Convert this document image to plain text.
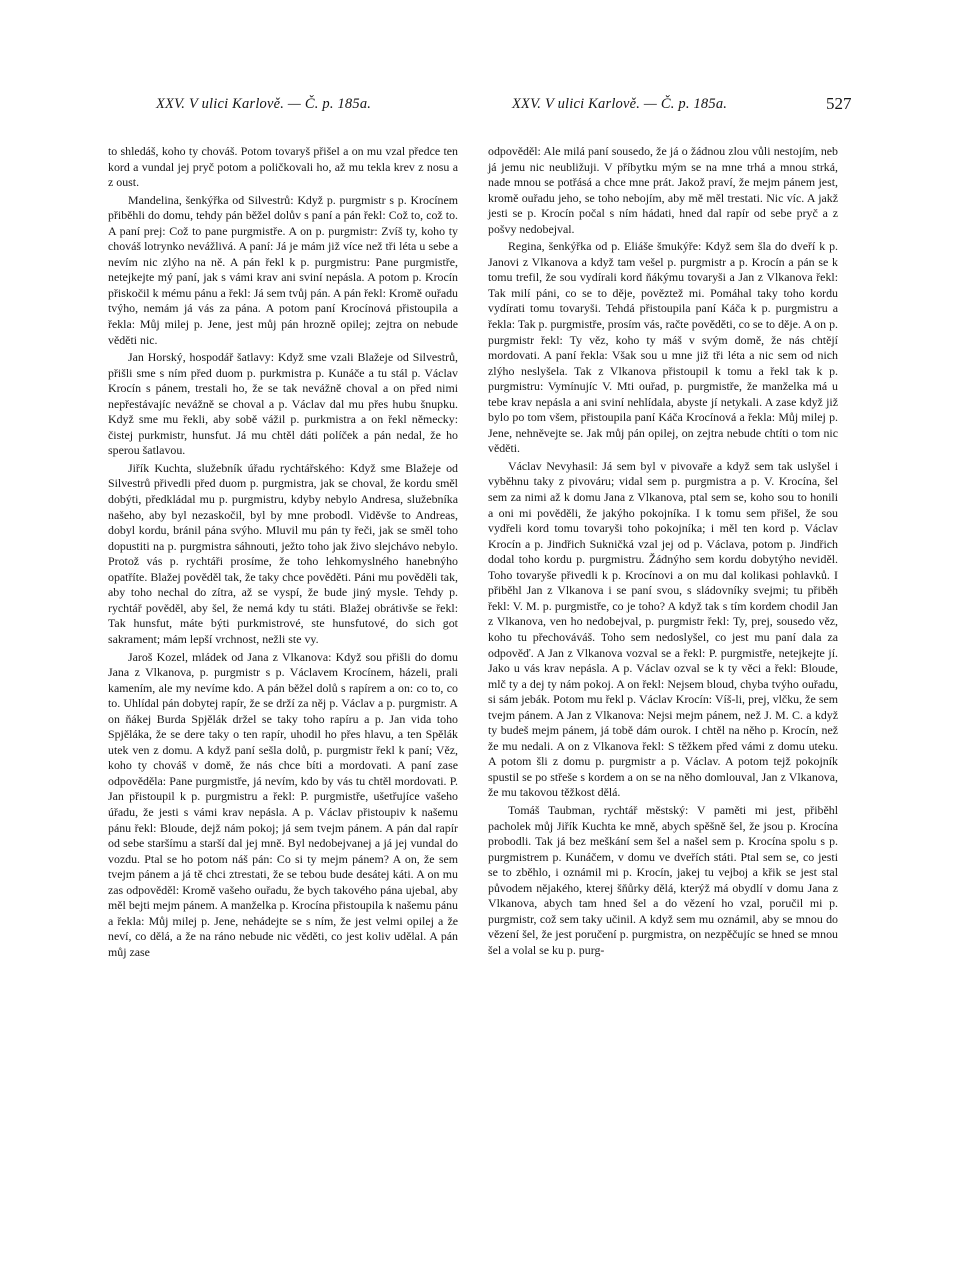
XXV. V ulici Karlově. — Č. p. 185a.	XXV. V ulici Karlově. — Č. p. 185a.	527

to shledáš, koho ty chováš. Potom tovaryš přišel a on mu vzal předce ten kord a vundal jej pryč potom a poličkovali ho, až mu tekla krev z nosu a z oust.

Mandelina, šenkýřka od Silvestrů: Když p. purgmistr s p. Krocínem přiběhli do domu, tehdy pán běžel dolův s paní a pán řekl: Což to, což to. A paní prej: Což to pane purgmistře. A on p. purgmistr: Zvíš ty, koho ty chováš lotrynko nevážlivá. A paní: Já je mám již více než tři léta u sebe a nevím nic zlýho na ně. A pán řekl k p. purgmistru: Pane purgmistře, netejkejte mý paní, jak s vámi krav ani sviní nepásla. A potom p. Krocín přiskočil k mému pánu a řekl: Já sem tvůj pán. A pán řekl: Kromě ouřadu tvýho, nemám já vás za pána. A potom paní Krocínová přistoupila a řekla: Můj milej p. Jene, jest můj pán hrozně opilej; zejtra on nebude věděti nic.

Jan Horský, hospodář šatlavy: Když sme vzali Blažeje od Silvestrů, přišli sme s ním před duom p. purkmistra p. Kunáče a tu stál p. Václav Krocín s pánem, trestali ho, že se tak nevážně choval a on před nimi nepřestávajíc nevážně se choval a p. Václav dal mu přes hubu šnupku. Když sme mu řekli, aby sobě vážil p. purkmistra a on řekl německy: čistej purkmistr, hunsfut. Já mu chtěl dáti políček a pán nedal, že ho sperou šatlavou.

Jiřík Kuchta, služebník úřadu rychtářského: Když sme Blažeje od Silvestrů přivedli před duom p. purgmistra, jak se choval, že kordu směl dobýti, předkládal mu p. purgmistru, kdyby nebylo Andresa, služebníka našeho, aby byl nezaskočil, byl by mne probodl. Viděvše to Andreas, dobyl kordu, bránil pána svýho. Mluvil mu pán ty řeči, jak se směl toho dopustiti na p. purgmistra sáhnouti, ježto toho jak živo slejchávo nebylo. Protož vás p. rychtáři prosíme, že toho lehkomyslného hanebnýho opatříte. Blažej pověděl tak, že taky chce pověděti. Páni mu pověděli tak, aby toho nechal do zítra, až se vyspí, že bude jiný mysle. Tehdy p. rychtář pověděl, aby šel, že nemá kdy tu státi. Blažej obrátivše se řekl: Tak hunsfut, máte býti purkmistrové, ste hunsfutové, do sich got sakrament; mám lepší vrchnost, nežli ste vy.

Jaroš Kozel, mládek od Jana z Vlkanova: Když sou přišli do domu Jana z Vlkanova, p. purgmistr s p. Václavem Krocínem, házeli, prali kamením, ale my nevíme kdo. A pán běžel dolů s rapírem a on: co to, co to. Uhlídal pán dobytej rapír, že se drží za něj p. Václav a p. purgmistr. A on ňákej Burda Spjělák držel se taky toho rapíru a p. Jan vida toho Spjěláka, že se dere taky o ten rapír, uhodil ho přes hlavu, a ten Spělák utek ven z domu. A když paní sešla dolů, p. purgmistr řekl k paní; Věz, koho ty chováš v domě, že nás chce bíti a mordovati. A paní zase odpověděla: Pane purgmistře, já nevím, kdo by vás tu chtěl mordovati. P. Jan přistoupil k p. purgmistru a řekl: P. purgmistře, ušetřujíce vašeho úřadu, že jesti s vámi krav nepásla. A p. Václav přistoupiv k našemu pánu řekl: Bloude, dejž nám pokoj; já sem tvejm pánem. A pán dal rapír od sebe staršímu a starší dal jej mně. Byl nedobejvanej a já jej vundal do vozdu. Ptal se ho potom náš pán: Co si ty mejm pánem? A on, že sem tvejm pánem a já tě chci ztrestati, že se tebou bude desátej káti. A on mu zas odpověděl: Kromě vašeho ouřadu, že bych takového pána ujebal, aby měl bejti mejm pánem. A manželka p. Krocína přistoupila k našemu pánu a řekla: Můj milej p. Jene, nehádejte se s ním, že jest velmi opilej a že neví, co dělá, a že na ráno nebude nic věděti, co jest koliv udělal. A pán můj zase

odpověděl: Ale milá paní sousedo, že já o žádnou zlou vůli nestojím, neb já jemu nic neubližuji. V příbytku mým se na mne trhá a mnou strká, nade mnou se potřásá a chce mne prát. Jakož praví, že mejm pánem jest, kromě ouřadu jeho, se toho nebojím, aby mě měl trestati. Nic víc. A jakž jesti se p. Krocín počal s ním hádati, hned dal rapír od sebe pryč a z pošvy nedobejval.

Regina, šenkýřka od p. Eliáše šmukýře: Když sem šla do dveří k p. Janovi z Vlkanova a když tam vešel p. purgmistr a p. Krocín a pán se k tomu trefil, že sou vydírali kord ňákýmu tovaryši a Jan z Vlkanova řekl: Tak milí páni, co se to děje, pověztež mi. Pomáhal taky toho kordu vydírati tomu tovaryši. Tehdá přistoupila paní Káča k p. purgmistru a řekla: Tak p. purgmistře, prosím vás, račte pověděti, co se to děje. A on p. purgmistr řekl: Ty věz, koho ty máš v svým domě, že nás chtějí mordovati. A paní řekla: Však sou u mne již tři léta a nic sem od nich zlýho neslyšela. Tak z Vlkanova přistoupil k tomu a řekl tak k p. purgmistru: Vymínujíc V. Mti ouřad, p. purgmistře, že manželka má u tebe krav nepásla a ani sviní nehlídala, abyste jí netykali. A zase když již bylo po tom všem, přistoupila paní Káča Krocínová a řekla: Můj milej p. Jene, nehněvejte se. Jak můj pán opilej, on zejtra nebude chtíti o tom nic věděti.

Václav Nevyhasil: Já sem byl v pivovaře a když sem tak uslyšel i vyběhnu taky z pivováru; vidal sem p. purgmistra a p. V. Krocína, šel sem za nimi až k domu Jana z Vlkanova, ptal sem se, koho sou to honili a oni mi pověděli, že jakýho pokojníka. I k tomu sem přišel, že sou vydřeli kord tomu tovaryši toho pokojníka; i měl ten kord p. Václav Krocín a p. Jindřich Sukničká vzal jej od p. Václava, potom p. Jindřich dodal toho kordu p. purgmistru. Žádnýho sem kordu dobytýho neviděl. Toho tovaryše přivedli k p. Krocínovi a on mu dal kolikasi pohlavků. I přiběhl Jan z Vlkanova i se paní svou, s sládovníky svejmi; tu přiběh řekl: V. M. p. purgmistře, co je toho? A když tak s tím kordem chodil Jan z Vlkanova, ven ho nedobejval, p. purgmistr řekl: Ty, prej, sousedo věz, koho tu přechováváš. Toho sem nedoslyšel, co jest mu paní dala za odpověď. A Jan z Vlkanova vozval se a řekl: P. purgmistře, netejkejte jí. Jako u vás krav nepásla. A p. Václav ozval se k ty věci a řekl: Bloude, mlč ty a dej ty nám pokoj. A on řekl: Nejsem bloud, chyba tvýho ouřadu, si sám jebák. Potom mu řekl p. Václav Krocín: Víš-li, prej, vlčku, že sem tvejm pánem. A Jan z Vlkanova: Nejsi mejm pánem, než J. M. C. a když ty budeš mejm pánem, já tobě dám ourok. I chtěl na něho p. Krocín, než že mu nedali. A on z Vlkanova řekl: S těžkem před vámi z domu uteku. A potom šli z domu p. purgmistr a p. Václav. A potom tejž pokojník spustil se po střeše s kordem a on se na něho domlouval, Jan z Vlkanova, že mu takovou těžkost dělá.

Tomáš Taubman, rychtář městský: V paměti mi jest, přiběhl pacholek můj Jiřík Kuchta ke mně, abych spěšně šel, že jsou p. Krocína probodli. Tak já bez meškání sem šel a našel sem p. Krocína spolu s p. purgmistrem p. Kunáčem, v domu ve dveřích státi. Ptal sem se, co jesti se to zběhlo, i oznámil mi p. Krocín, jakej tu vejboj a křik se jest stal původem nějakého, kterej šňůrky dělá, kterýž má obydlí v domu Jana z Vlkanova, abych tam hned šel a do vězení ho vzal, poručil mi p. purgmistr, což sem taky učinil. A když sem mu oznámil, aby se mnou do vězení šel, že jest poručení p. purgmistra, on nezpěčujíc se hned se mnou šel a volal se ku p. purg-
